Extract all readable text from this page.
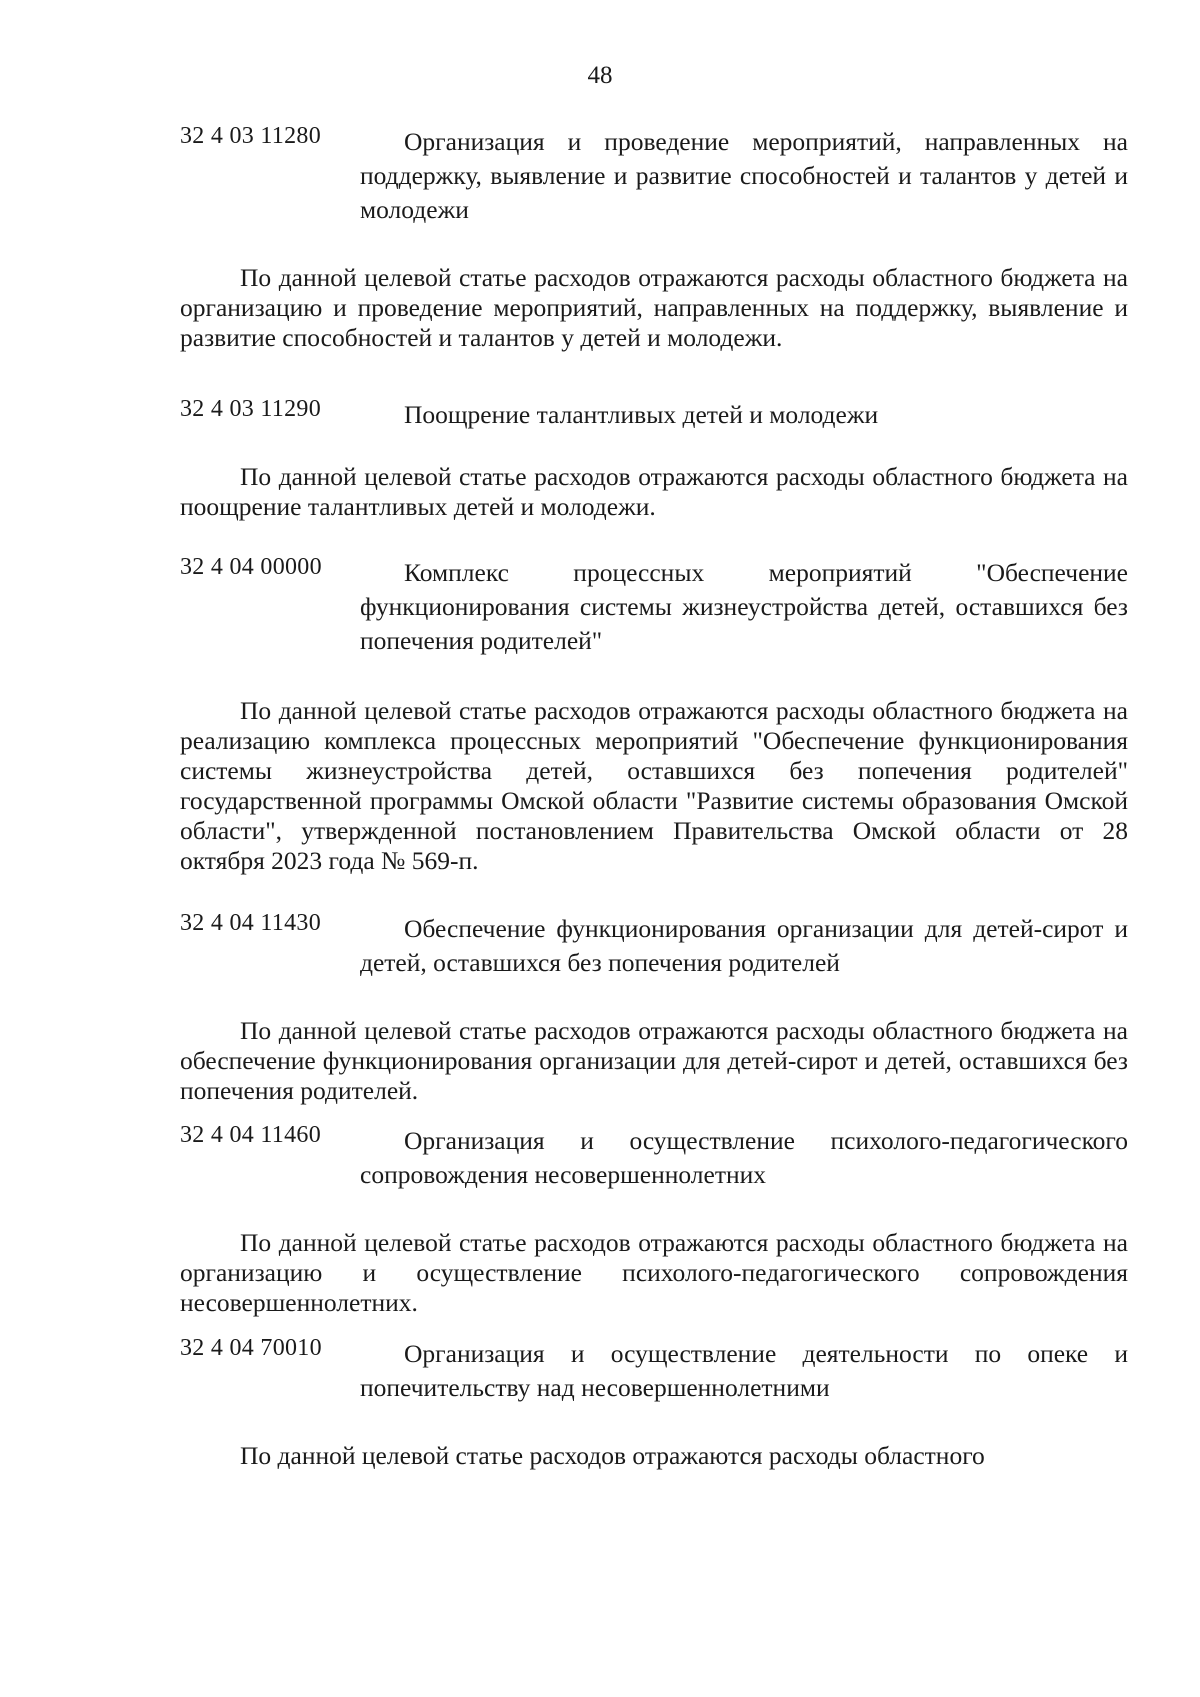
48
32 4 03 11280	Организация и проведение мероприятий, направленных на поддержку, выявление и развитие способностей и талантов у детей и молодежи
По данной целевой статье расходов отражаются расходы областного бюджета на организацию и проведение мероприятий, направленных на поддержку, выявление и развитие способностей и талантов у детей и молодежи.
32 4 03 11290	Поощрение талантливых детей и молодежи
По данной целевой статье расходов отражаются расходы областного бюджета на поощрение талантливых детей и молодежи.
32 4 04 00000	Комплекс процессных мероприятий "Обеспечение функционирования системы жизнеустройства детей, оставшихся без попечения родителей"
По данной целевой статье расходов отражаются расходы областного бюджета на реализацию комплекса процессных мероприятий "Обеспечение функционирования системы жизнеустройства детей, оставшихся без попечения родителей" государственной программы Омской области "Развитие системы образования Омской области", утвержденной постановлением Правительства Омской области от 28 октября 2023 года № 569-п.
32 4 04 11430	Обеспечение функционирования организации для детей-сирот и детей, оставшихся без попечения родителей
По данной целевой статье расходов отражаются расходы областного бюджета на обеспечение функционирования организации для детей-сирот и детей, оставшихся без попечения родителей.
32 4 04 11460	Организация и осуществление психолого-педагогического сопровождения несовершеннолетних
По данной целевой статье расходов отражаются расходы областного бюджета на организацию и осуществление психолого-педагогического сопровождения несовершеннолетних.
32 4 04 70010	Организация и осуществление деятельности по опеке и попечительству над несовершеннолетними
По данной целевой статье расходов отражаются расходы областного
